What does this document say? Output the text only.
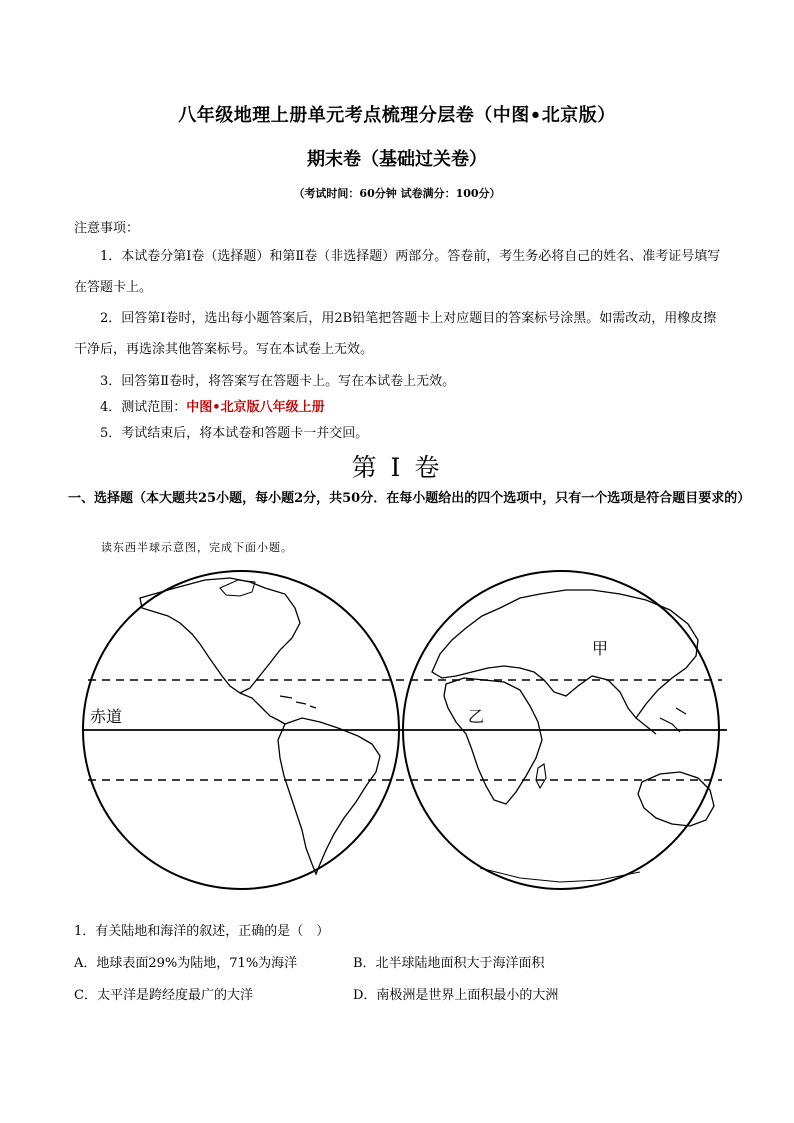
八年级地理上册单元考点梳理分层卷（中图•北京版）
期末卷（基础过关卷）
（考试时间：60分钟 试卷满分：100分）
注意事项：
1．本试卷分第Ⅰ卷（选择题）和第Ⅱ卷（非选择题）两部分。答卷前，考生务必将自己的姓名、准考证号填写在答题卡上。
2．回答第Ⅰ卷时，选出每小题答案后，用2B铅笔把答题卡上对应题目的答案标号涂黑。如需改动，用橡皮擦干净后，再选涂其他答案标号。写在本试卷上无效。
3．回答第Ⅱ卷时，将答案写在答题卡上。写在本试卷上无效。
4．测试范围：中图•北京版八年级上册
5．考试结束后，将本试卷和答题卡一并交回。
第 I 卷
一、选择题（本大题共25小题，每小题2分，共50分．在每小题给出的四个选项中，只有一个选项是符合题目要求的）
读东西半球示意图，完成下面小题。
赤道
甲
乙
1．有关陆地和海洋的叙述，正确的是（　）
A．地球表面29%为陆地，71%为海洋	B．北半球陆地面积大于海洋面积
C．太平洋是跨经度最广的大洋	D．南极洲是世界上面积最小的大洲
